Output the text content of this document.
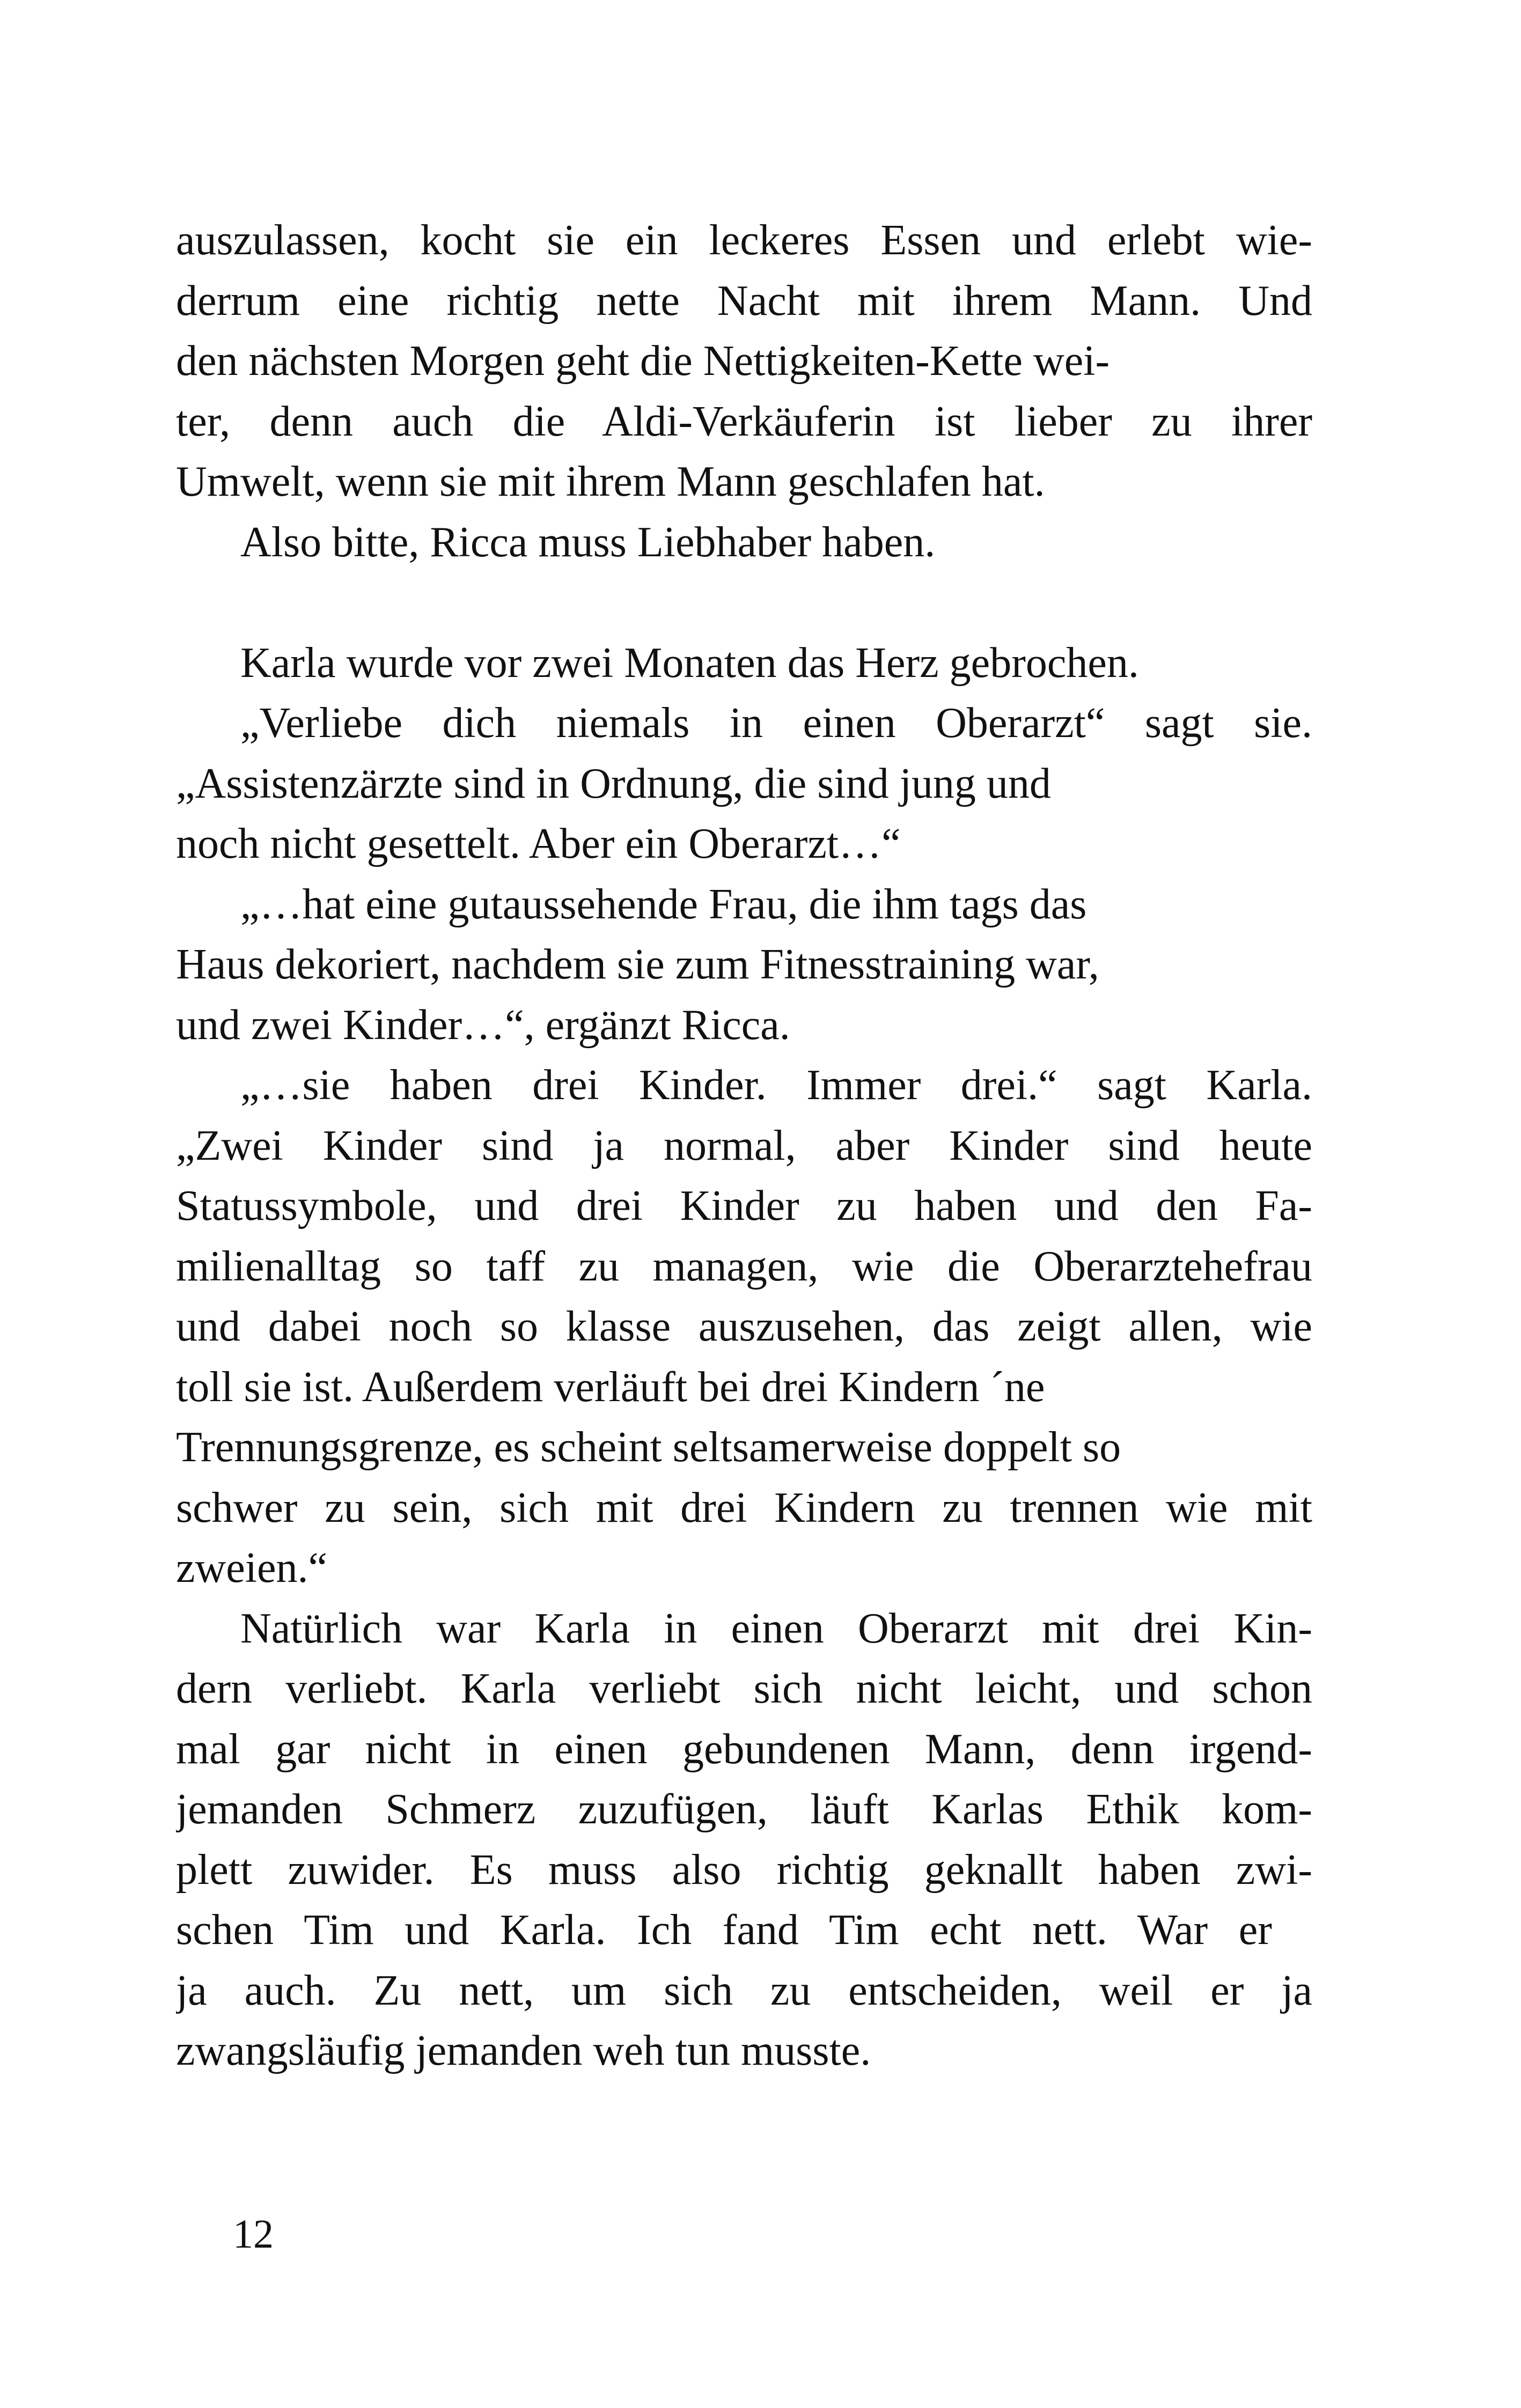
auszulassen, kocht sie ein leckeres Essen und erlebt wie-
derrum eine richtig nette Nacht mit ihrem Mann. Und
den nächsten Morgen geht die Nettigkeiten-Kette wei-
ter, denn auch die Aldi-Verkäuferin ist lieber zu ihrer
Umwelt, wenn sie mit ihrem Mann geschlafen hat.
Also bitte, Ricca muss Liebhaber haben.
Karla wurde vor zwei Monaten das Herz gebrochen.
„Verliebe dich niemals in einen Oberarzt“ sagt sie.
„Assistenzärzte sind in Ordnung, die sind jung und
noch nicht gesettelt. Aber ein Oberarzt…“
„…hat eine gutaussehende Frau, die ihm tags das
Haus dekoriert, nachdem sie zum Fitnesstraining war,
und zwei Kinder…“, ergänzt Ricca.
„…sie haben drei Kinder. Immer drei.“ sagt Karla.
„Zwei Kinder sind ja normal, aber Kinder sind heute
Statussymbole, und drei Kinder zu haben und den Fa-
milienalltag so taff zu managen, wie die Oberarztehefrau
und dabei noch so klasse auszusehen, das zeigt allen, wie
toll sie ist. Außerdem verläuft bei drei Kindern ´ne
Trennungsgrenze, es scheint seltsamerweise doppelt so
schwer zu sein, sich mit drei Kindern zu trennen wie mit
zweien.“
Natürlich war Karla in einen Oberarzt mit drei Kin-
dern verliebt. Karla verliebt sich nicht leicht, und schon
mal gar nicht in einen gebundenen Mann, denn irgend-
jemanden Schmerz zuzufügen, läuft Karlas Ethik kom-
plett zuwider. Es muss also richtig geknallt haben zwi-
schen Tim und Karla. Ich fand Tim echt nett. War er
ja auch. Zu nett, um sich zu entscheiden, weil er ja
zwangsläufig jemanden weh tun musste.
12
